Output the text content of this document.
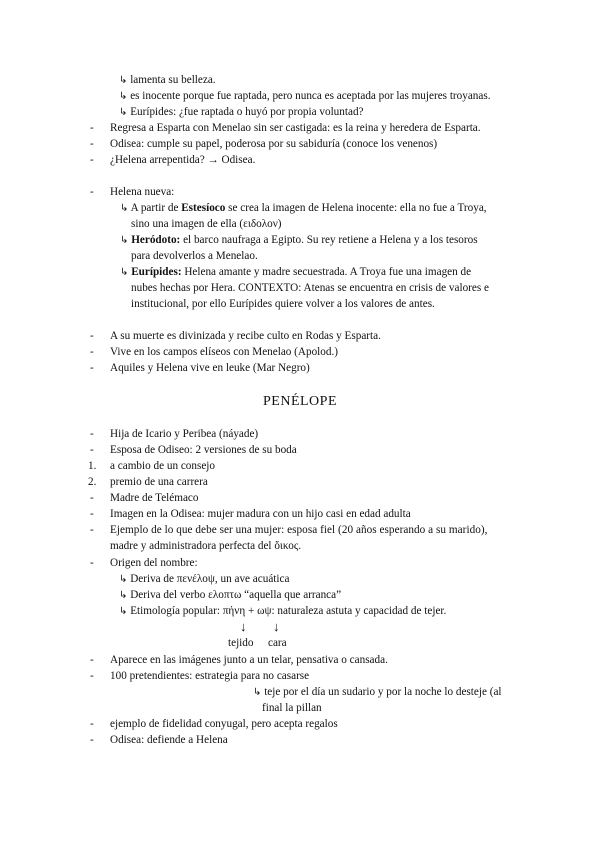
↳ lamenta su belleza.
↳ es inocente porque fue raptada, pero nunca es aceptada por las mujeres troyanas.
↳ Eurípides: ¿fue raptada o huyó por propia voluntad?
- Regresa a Esparta con Menelao sin ser castigada: es la reina y heredera de Esparta.
- Odisea: cumple su papel, poderosa por su sabiduría (conoce los venenos)
- ¿Helena arrepentida? → Odisea.
- Helena nueva:
↳ A partir de Estesíoco se crea la imagen de Helena inocente: ella no fue a Troya,
sino una imagen de ella (ειδολον)
↳ Heródoto: el barco naufraga a Egipto. Su rey retiene a Helena y a los tesoros
para devolverlos a Menelao.
↳ Eurípides: Helena amante y madre secuestrada. A Troya fue una imagen de
nubes hechas por Hera. CONTEXTO: Atenas se encuentra en crisis de valores e
institucional, por ello Eurípides quiere volver a los valores de antes.
- A su muerte es divinizada y recibe culto en Rodas y Esparta.
- Vive en los campos elíseos con Menelao (Apolod.)
- Aquiles y Helena vive en leuke (Mar Negro)
PENÉLOPE
- Hija de Icario y Peribea (náyade)
- Esposa de Odiseo: 2 versiones de su boda
1. a cambio de un consejo
2. premio de una carrera
- Madre de Telémaco
- Imagen en la Odisea: mujer madura con un hijo casi en edad adulta
- Ejemplo de lo que debe ser una mujer: esposa fiel (20 años esperando a su marido),
madre y administradora perfecta del ὄικος.
- Origen del nombre:
↳ Deriva de πενέλοψ, un ave acuática
↳ Deriva del verbo ελοπτω “aquella que arranca”
↳ Etimología popular: πήνη + ωψ: naturaleza astuta y capacidad de tejer.
↓ ↓
tejido cara
- Aparece en las imágenes junto a un telar, pensativa o cansada.
- 100 pretendientes: estrategia para no casarse
↳ teje por el día un sudario y por la noche lo desteje (al
final la pillan
- ejemplo de fidelidad conyugal, pero acepta regalos
- Odisea: defiende a Helena
